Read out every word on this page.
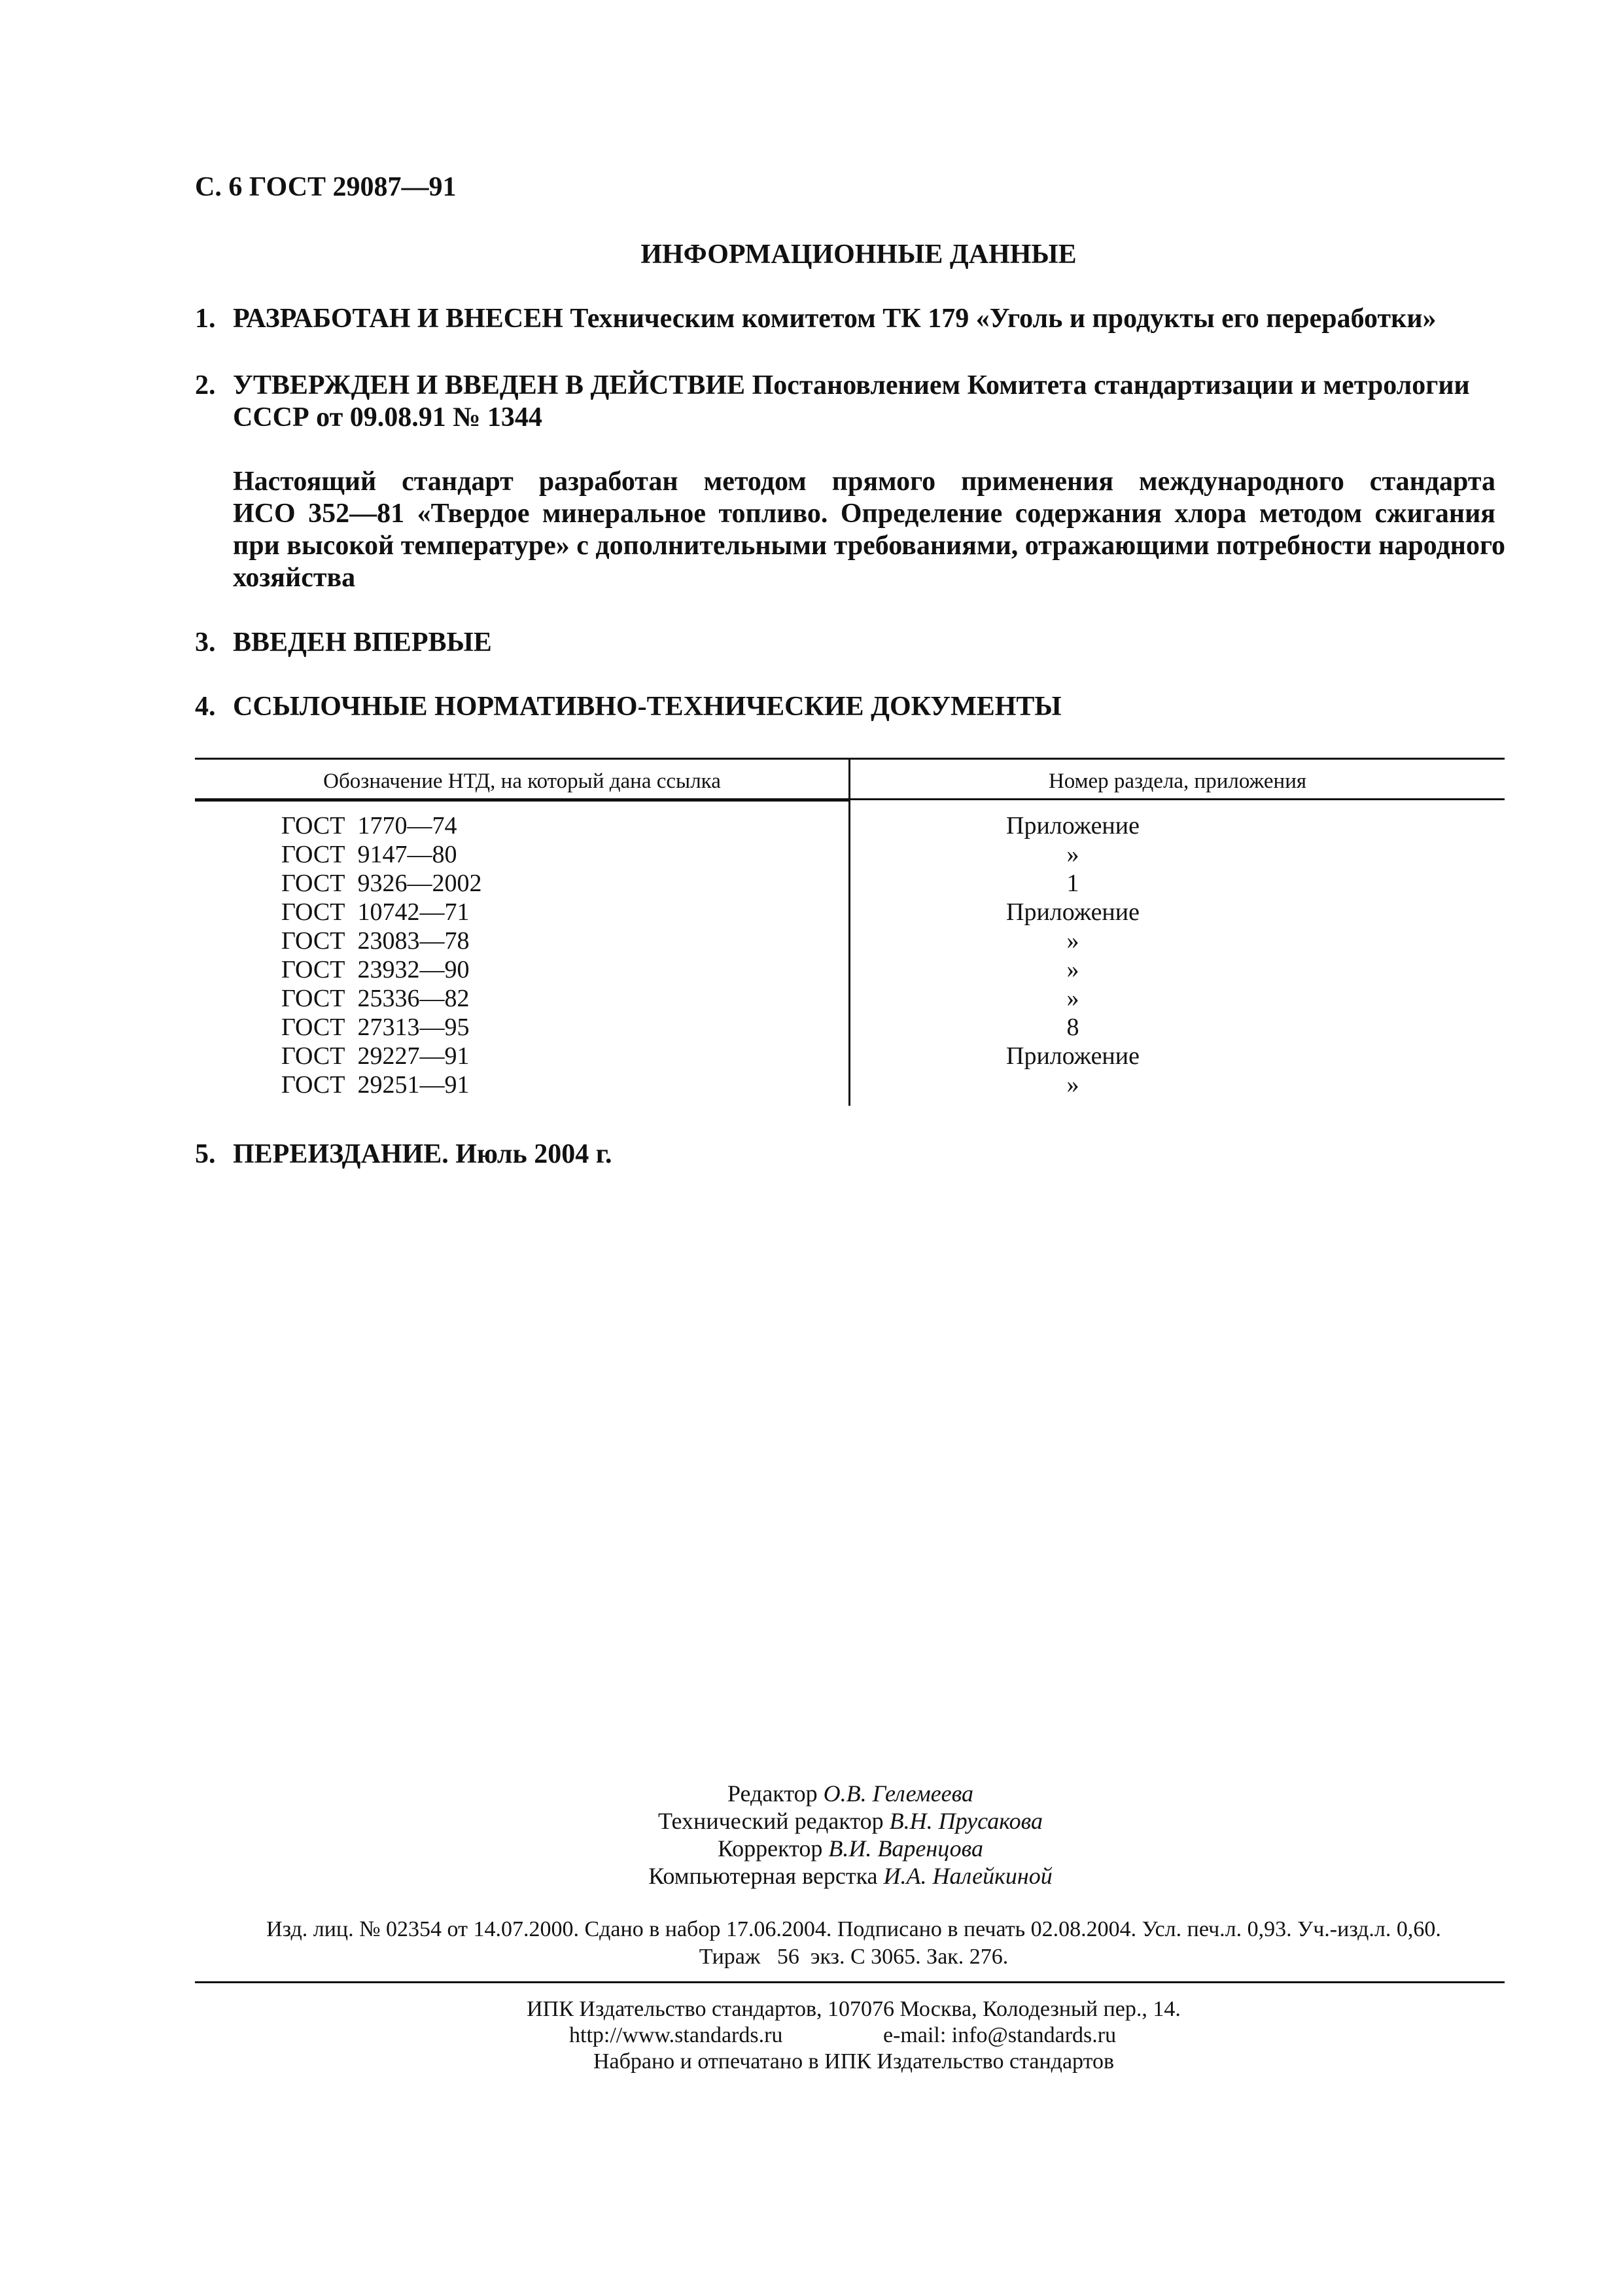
С. 6 ГОСТ 29087—91
ИНФОРМАЦИОННЫЕ ДАННЫЕ
1. РАЗРАБОТАН И ВНЕСЕН Техническим комитетом ТК 179 «Уголь и продукты его переработки»
2. УТВЕРЖДЕН И ВВЕДЕН В ДЕЙСТВИЕ Постановлением Комитета стандартизации и метрологии
СССР от 09.08.91 № 1344
Настоящий стандарт разработан методом прямого применения международного стандарта
ИСО 352—81 «Твердое минеральное топливо. Определение содержания хлора методом сжигания
при высокой температуре» с дополнительными требованиями, отражающими потребности народного
хозяйства
3. ВВЕДЕН ВПЕРВЫЕ
4. ССЫЛОЧНЫЕ НОРМАТИВНО-ТЕХНИЧЕСКИЕ ДОКУМЕНТЫ
Обозначение НТД, на который дана ссылка	Номер раздела, приложения
ГОСТ  1770—74	Приложение
ГОСТ  9147—80	»
ГОСТ  9326—2002	1
ГОСТ  10742—71	Приложение
ГОСТ  23083—78	»
ГОСТ  23932—90	»
ГОСТ  25336—82	»
ГОСТ  27313—95	8
ГОСТ  29227—91	Приложение
ГОСТ  29251—91	»
5. ПЕРЕИЗДАНИЕ. Июль 2004 г.
Редактор О.В. Гелемеева
Технический редактор В.Н. Прусакова
Корректор В.И. Варенцова
Компьютерная верстка И.А. Налейкиной
Изд. лиц. № 02354 от 14.07.2000. Сдано в набор 17.06.2004. Подписано в печать 02.08.2004. Усл. печ.л. 0,93. Уч.-изд.л. 0,60.
Тираж   56  экз. С 3065. Зак. 276.
ИПК Издательство стандартов, 107076 Москва, Колодезный пер., 14.
http://www.standards.ru	e-mail: info@standards.ru
Набрано и отпечатано в ИПК Издательство стандартов
